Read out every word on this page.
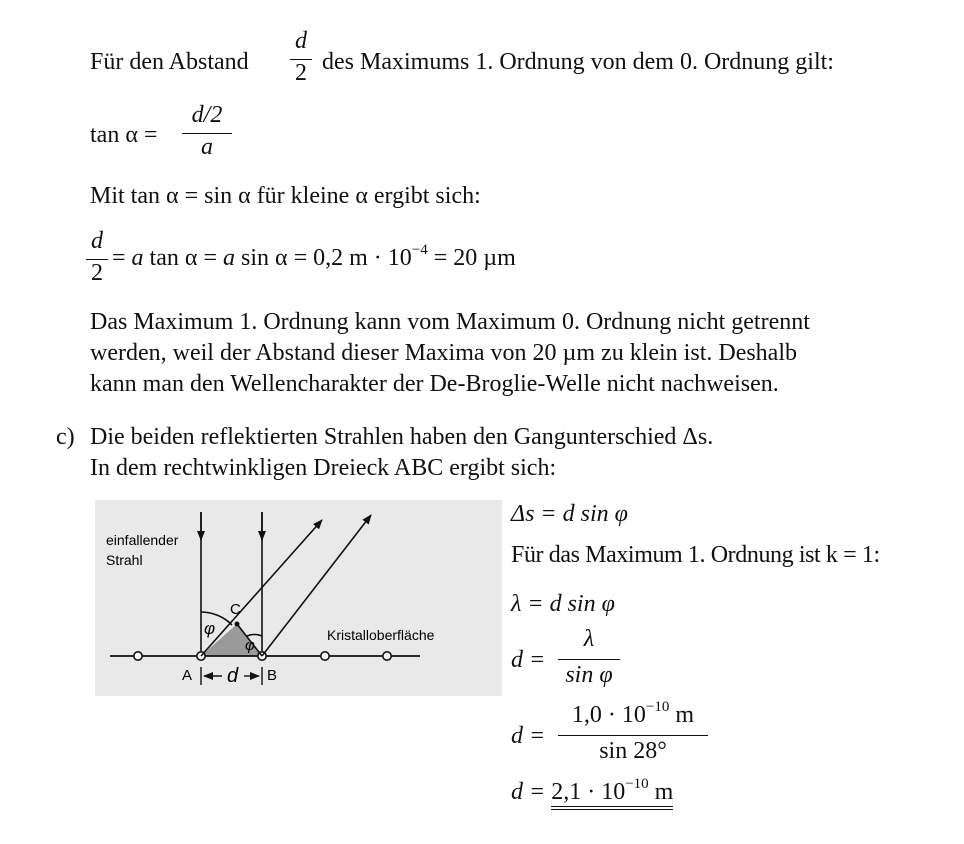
Für den Abstand
d
2 des Maximums 1. Ordnung von dem 0. Ordnung gilt:
tan α =
d/2
a
Mit tan α = sin α für kleine α ergibt sich:
d
2
= a tan α = a sin α = 0,2 $m \cdot 10^{-4} = 20$ µm
Das Maximum 1. Ordnung kann vom Maximum 0. Ordnung nicht getrennt
werden, weil der Abstand dieser Maxima von 20 µm zu klein ist. Deshalb
kann man den Wellencharakter der De-Broglie-Welle nicht nachweisen.
c) Die beiden reflektierten Strahlen haben den Gangunterschied Δs.
In dem rechtwinkligen Dreieck ABC ergibt sich:
einfallender
Strahl
φ
φ
C
A	B
d
Kristalloberfläche
Δs = d sin φ
Für das Maximum 1. Ordnung ist k = 1:
λ = d sin φ
d =
λ
sin φ
d =
$1,0 \cdot 10^{-10}$ m
sin 28°
$d = 2,1 \cdot 10^{-10}$ m
